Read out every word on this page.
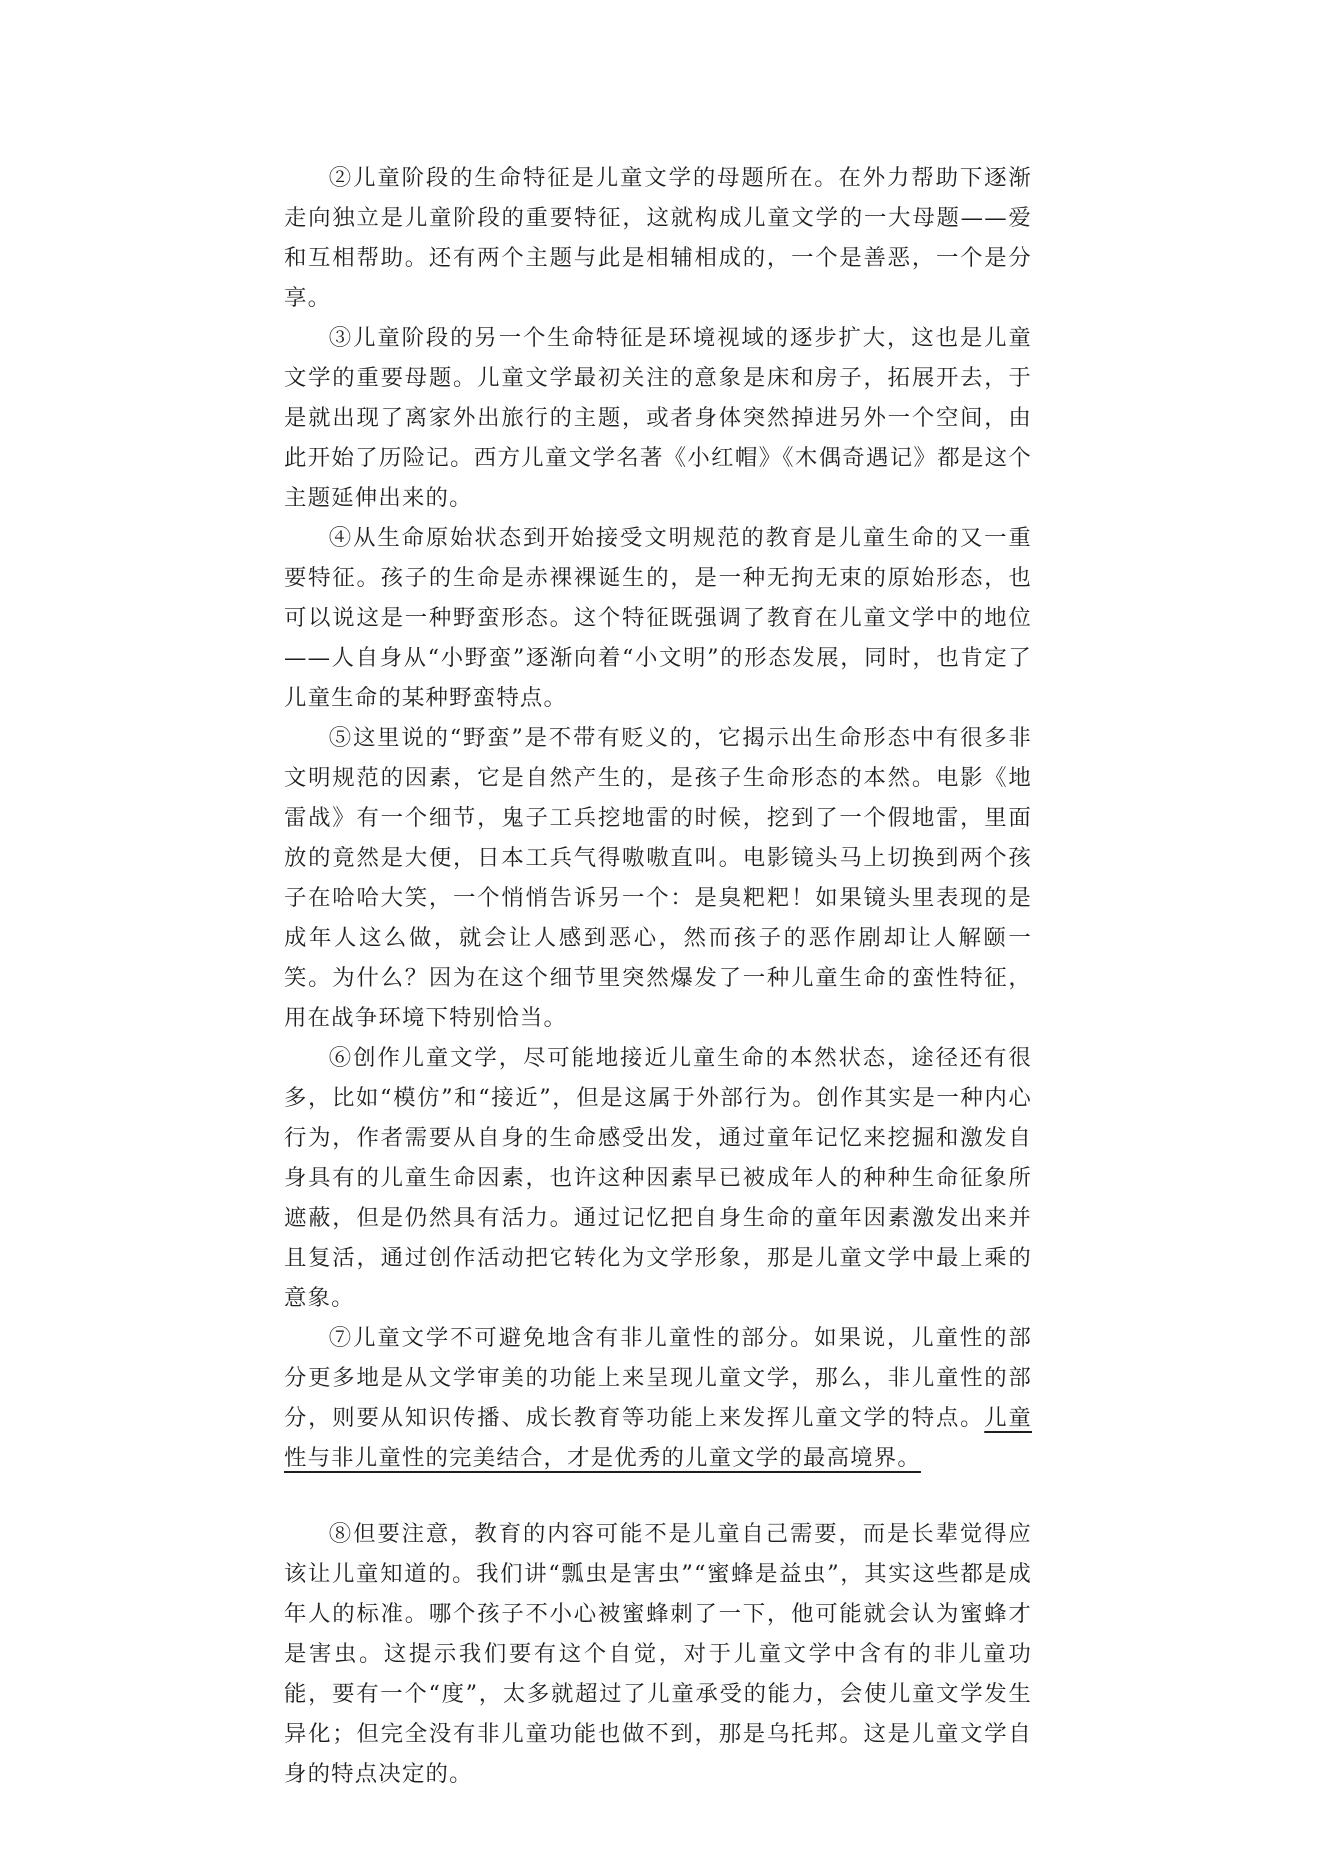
②儿童阶段的生命特征是儿童文学的母题所在。在外力帮助下逐渐走向独立是儿童阶段的重要特征，这就构成儿童文学的一大母题——爱和互相帮助。还有两个主题与此是相辅相成的，一个是善恶，一个是分享。

③儿童阶段的另一个生命特征是环境视域的逐步扩大，这也是儿童文学的重要母题。儿童文学最初关注的意象是床和房子，拓展开去，于是就出现了离家外出旅行的主题，或者身体突然掉进另外一个空间，由此开始了历险记。西方儿童文学名著《小红帽》《木偶奇遇记》都是这个主题延伸出来的。

④从生命原始状态到开始接受文明规范的教育是儿童生命的又一重要特征。孩子的生命是赤裸裸诞生的，是一种无拘无束的原始形态，也可以说这是一种野蛮形态。这个特征既强调了教育在儿童文学中的地位——人自身从“小野蛮”逐渐向着“小文明”的形态发展，同时，也肯定了儿童生命的某种野蛮特点。

⑤这里说的“野蛮”是不带有贬义的，它揭示出生命形态中有很多非文明规范的因素，它是自然产生的，是孩子生命形态的本然。电影《地雷战》有一个细节，鬼子工兵挖地雷的时候，挖到了一个假地雷，里面放的竟然是大便，日本工兵气得嗷嗷直叫。电影镜头马上切换到两个孩子在哈哈大笑，一个悄悄告诉另一个：是臭粑粑！如果镜头里表现的是成年人这么做，就会让人感到恶心，然而孩子的恶作剧却让人解颐一笑。为什么？因为在这个细节里突然爆发了一种儿童生命的蛮性特征，用在战争环境下特别恰当。

⑥创作儿童文学，尽可能地接近儿童生命的本然状态，途径还有很多，比如“模仿”和“接近”，但是这属于外部行为。创作其实是一种内心行为，作者需要从自身的生命感受出发，通过童年记忆来挖掘和激发自身具有的儿童生命因素，也许这种因素早已被成年人的种种生命征象所遮蔽，但是仍然具有活力。通过记忆把自身生命的童年因素激发出来并且复活，通过创作活动把它转化为文学形象，那是儿童文学中最上乘的意象。

⑦儿童文学不可避免地含有非儿童性的部分。如果说，儿童性的部分更多地是从文学审美的功能上来呈现儿童文学，那么，非儿童性的部分，则要从知识传播、成长教育等功能上来发挥儿童文学的特点。儿童性与非儿童性的完美结合，才是优秀的儿童文学的最高境界。

⑧但要注意，教育的内容可能不是儿童自己需要，而是长辈觉得应该让儿童知道的。我们讲“瓢虫是害虫”“蜜蜂是益虫”，其实这些都是成年人的标准。哪个孩子不小心被蜜蜂刺了一下，他可能就会认为蜜蜂才是害虫。这提示我们要有这个自觉，对于儿童文学中含有的非儿童功能，要有一个“度”，太多就超过了儿童承受的能力，会使儿童文学发生异化；但完全没有非儿童功能也做不到，那是乌托邦。这是儿童文学自身的特点决定的。
